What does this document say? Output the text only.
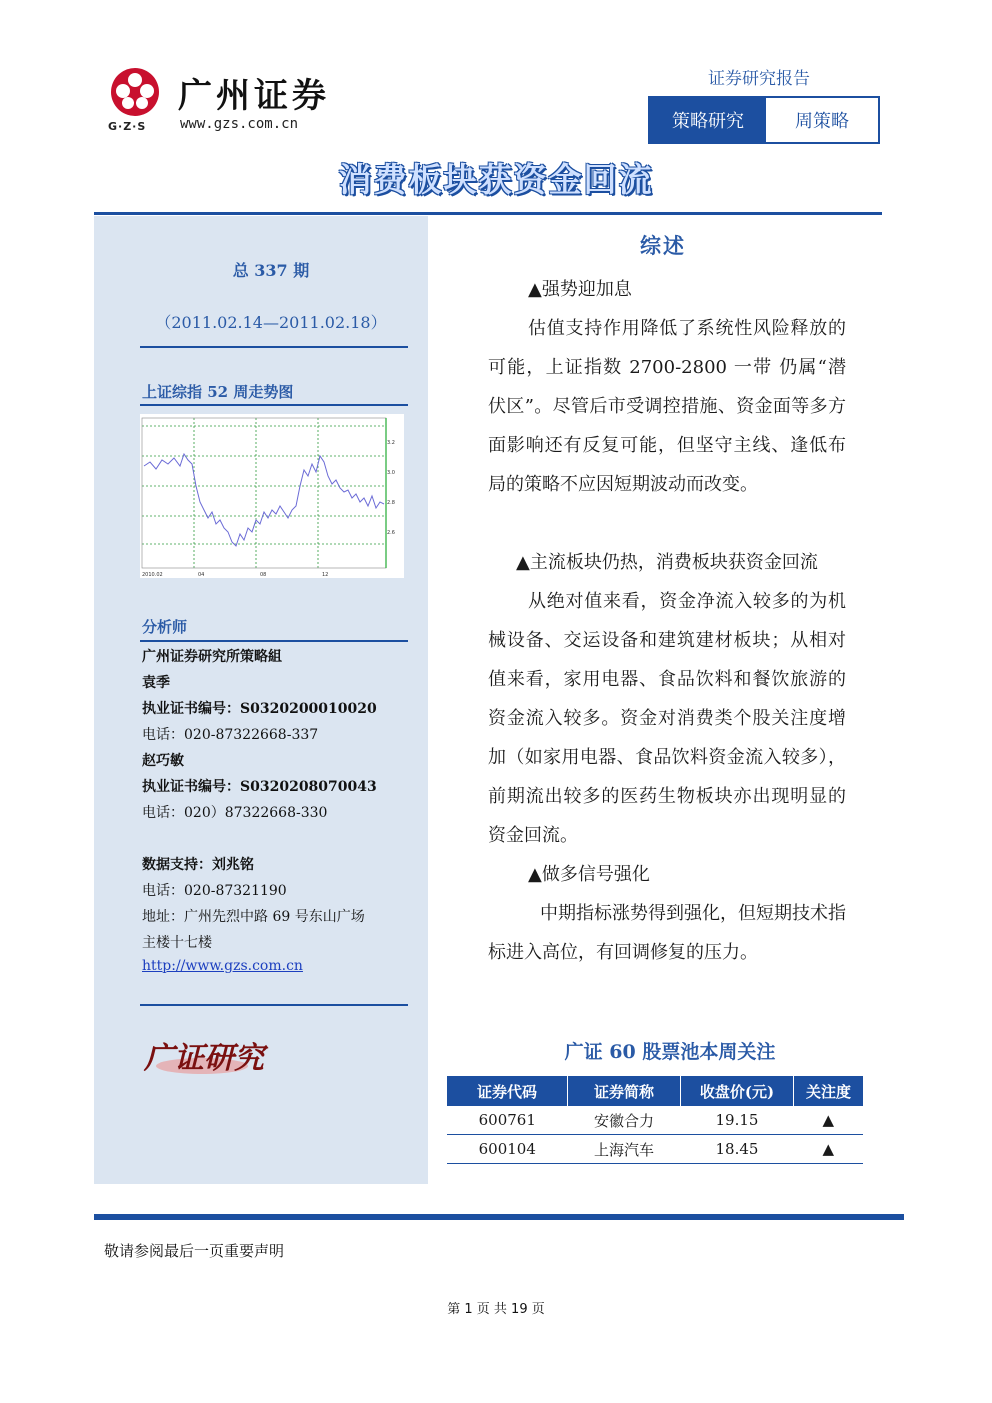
广州证券
G·Z·S www.gzs.com.cn
证券研究报告
策略研究	周策略
消费板块获资金回流
总 337 期
（2011.02.14—2011.02.18）
上证综指 52 周走势图
2010.02	04	08	12
3.2
3.0
2.8
2.6
分析师
广州证券研究所策略組
袁季
执业证书编号：S0320200010020
电话：020-87322668-337
赵巧敏
执业证书编号：S0320208070043
电话：020）87322668-330
数据支持：刘兆铭
电话：020-87321190
地址：广州先烈中路 69 号东山广场
主楼十七楼
http://www.gzs.com.cn
广证研究
综述
▲强势迎加息
估值支持作用降低了系统性风险释放的可能，上证指数 2700-2800 一带 仍属“潜伏区”。尽管后市受调控措施、资金面等多方面影响还有反复可能，但坚守主线、逢低布局的策略不应因短期波动而改变。
▲主流板块仍热，消费板块获资金回流
从绝对值来看，资金净流入较多的为机械设备、交运设备和建筑建材板块；从相对值来看，家用电器、食品饮料和餐饮旅游的资金流入较多。资金对消费类个股关注度增加（如家用电器、食品饮料资金流入较多），前期流出较多的医药生物板块亦出现明显的资金回流。
▲做多信号强化
中期指标涨势得到强化，但短期技术指标进入高位，有回调修复的压力。
广证 60 股票池本周关注
证券代码	证券简称	收盘价(元)	关注度
600761	安徽合力	19.15	▲
600104	上海汽车	18.45	▲
敬请参阅最后一页重要声明
第 1 页 共 19 页
